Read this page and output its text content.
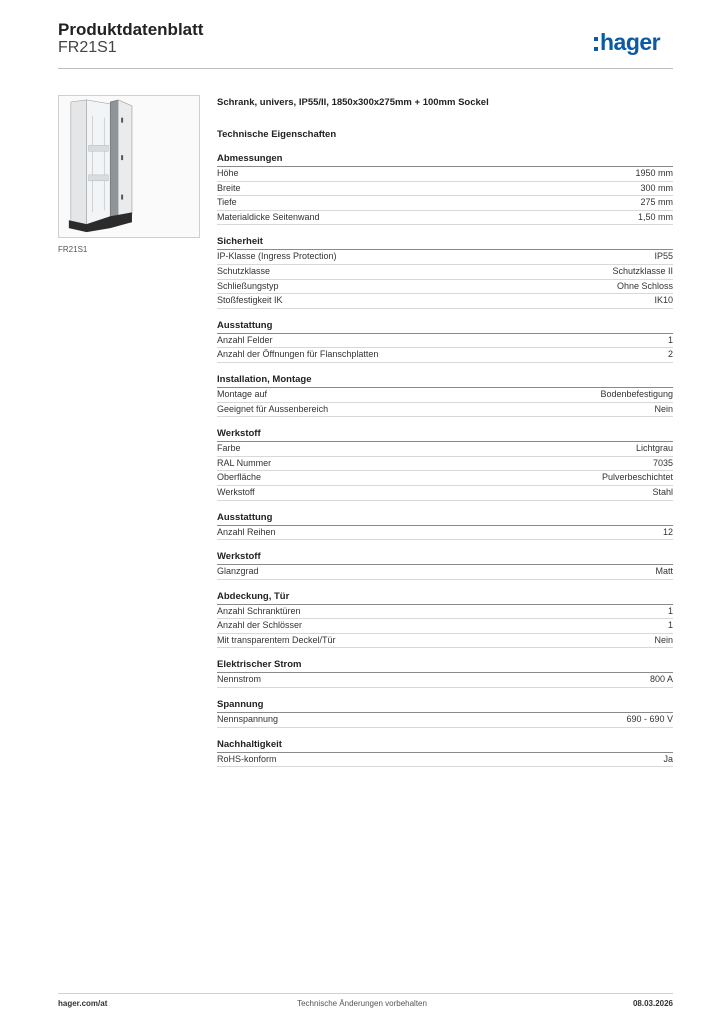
Produktdatenblatt
FR21S1	hager
FR21S1
Schrank, univers, IP55/II, 1850x300x275mm + 100mm Sockel
Technische Eigenschaften
Abmessungen
Höhe	1950 mm
Breite	300 mm
Tiefe	275 mm
Materialdicke Seitenwand	1,50 mm
Sicherheit
IP-Klasse (Ingress Protection)	IP55
Schutzklasse	Schutzklasse II
Schließungstyp	Ohne Schloss
Stoßfestigkeit IK	IK10
Ausstattung
Anzahl Felder	1
Anzahl der Öffnungen für Flanschplatten	2
Installation, Montage
Montage auf	Bodenbefestigung
Geeignet für Aussenbereich	Nein
Werkstoff
Farbe	Lichtgrau
RAL Nummer	7035
Oberfläche	Pulverbeschichtet
Werkstoff	Stahl
Ausstattung
Anzahl Reihen	12
Werkstoff
Glanzgrad	Matt
Abdeckung, Tür
Anzahl Schranktüren	1
Anzahl der Schlösser	1
Mit transparentem Deckel/Tür	Nein
Elektrischer Strom
Nennstrom	800 A
Spannung
Nennspannung	690 - 690 V
Nachhaltigkeit
RoHS-konform	Ja
hager.com/at	Technische Änderungen vorbehalten	08.03.2026
